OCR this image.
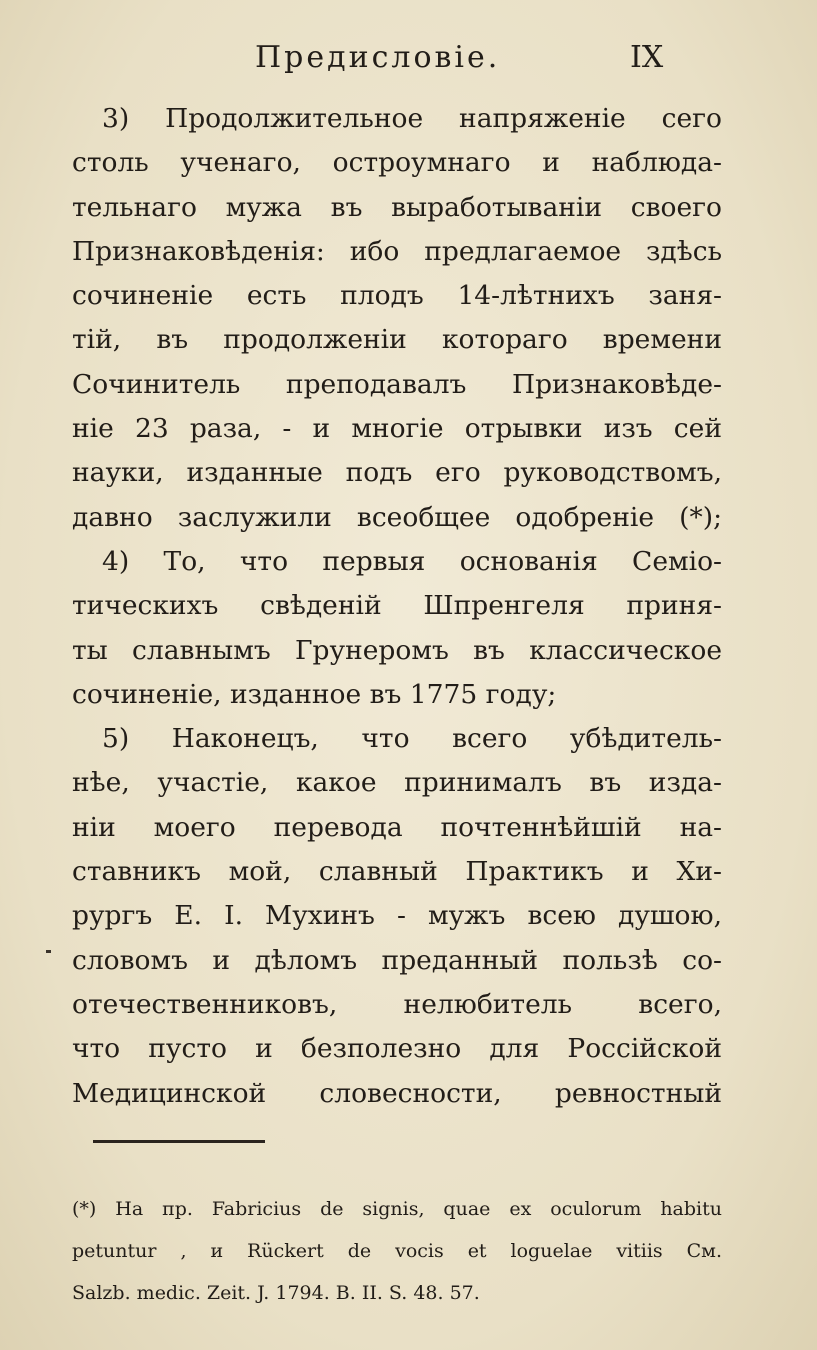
Предисловіе.	IX
3) Продолжительное напряженіе сего
столь ученаго, остроумнаго и наблюда-
тельнаго мужа въ выработываніи своего
Признаковѣденія: ибо предлагаемое здѣсь
сочиненіе есть плодъ 14-лѣтнихъ заня-
тій, въ продолженіи котораго времени
Сочинитель преподавалъ Признаковѣде-
ніе 23 раза, - и многіе отрывки изъ сей
науки, изданные подъ его руководствомъ,
давно заслужили всеобщее одобреніе (*);
4) То, что первыя основанія Семіо-
тическихъ свѣденій Шпренгеля приня-
ты славнымъ Грунеромъ въ классическое
сочиненіе, изданное въ 1775 году;
5) Наконецъ, что всего убѣдитель-
нѣе, участіе, какое принималъ въ изда-
ніи моего перевода почтеннѣйшій на-
ставникъ мой, славный Практикъ и Хи-
рургъ Е. І. Мухинъ - мужъ всею душою,
словомъ и дѣломъ преданный пользѣ со-
отечественниковъ, нелюбитель всего,
что пусто и безполезно для Россійской
Медицинской словесности, ревностный
(*) На пр. Fabricius de signis, quae ex oculorum habitu
petuntur , и Rückert de vocis et loguelae vitiis См.
Salzb. medic. Zeit. J. 1794. B. II. S. 48. 57.
